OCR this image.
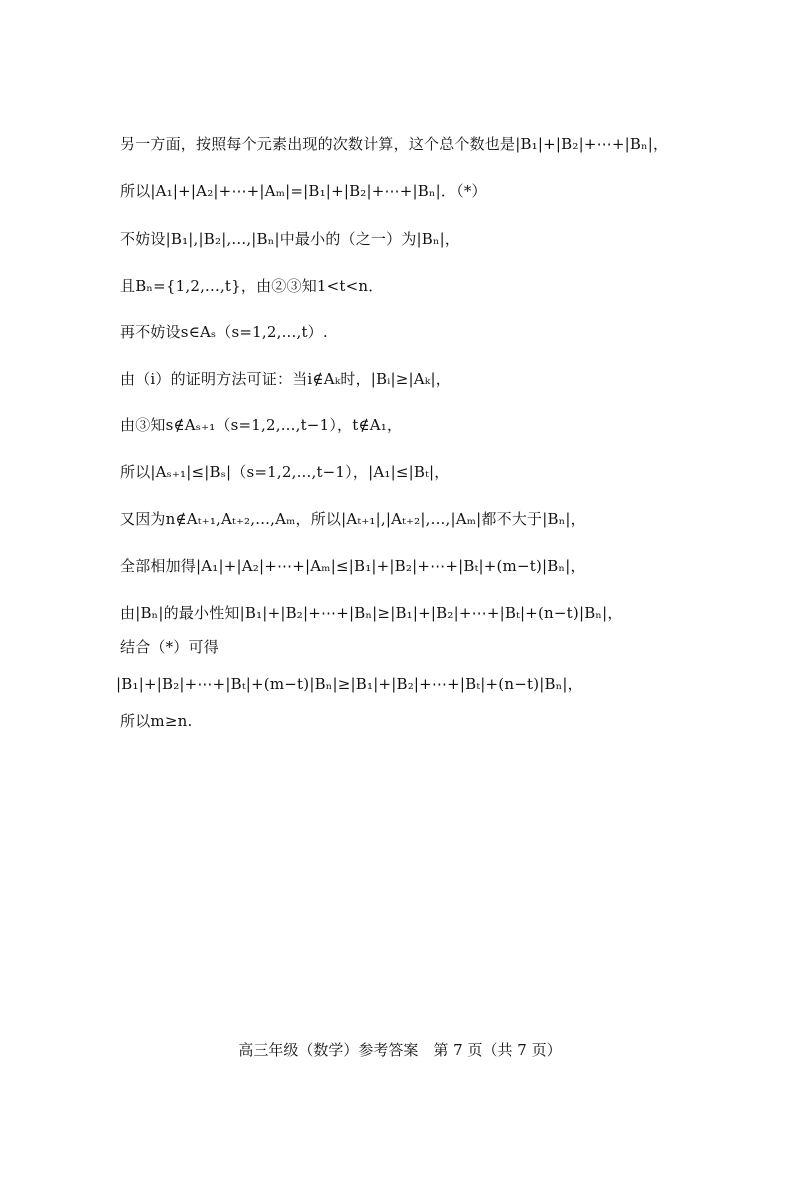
另一方面，按照每个元素出现的次数计算，这个总个数也是|B₁|+|B₂|+⋯+|Bₙ|，
所以|A₁|+|A₂|+⋯+|Aₘ|=|B₁|+|B₂|+⋯+|Bₙ|．（*）
不妨设|B₁|,|B₂|,...,|Bₙ|中最小的（之一）为|Bₙ|，
且Bₙ={1,2,...,t}，由②③知1<t<n．
再不妨设s∈Aₛ（s=1,2,...,t）.
由（i）的证明方法可证：当i∉Aₖ时，|Bᵢ|≥|Aₖ|，
由③知s∉Aₛ₊₁（s=1,2,...,t−1），t∉A₁，
所以|Aₛ₊₁|≤|Bₛ|（s=1,2,...,t−1），|A₁|≤|Bₜ|，
又因为n∉Aₜ₊₁,Aₜ₊₂,...,Aₘ，所以|Aₜ₊₁|,|Aₜ₊₂|,...,|Aₘ|都不大于|Bₙ|，
全部相加得|A₁|+|A₂|+⋯+|Aₘ|≤|B₁|+|B₂|+⋯+|Bₜ|+(m−t)|Bₙ|，
由|Bₙ|的最小性知|B₁|+|B₂|+⋯+|Bₙ|≥|B₁|+|B₂|+⋯+|Bₜ|+(n−t)|Bₙ|，
结合（*）可得
|B₁|+|B₂|+⋯+|Bₜ|+(m−t)|Bₙ|≥|B₁|+|B₂|+⋯+|Bₜ|+(n−t)|Bₙ|，
所以m≥n.
高三年级（数学）参考答案　第 7 页（共 7 页）
